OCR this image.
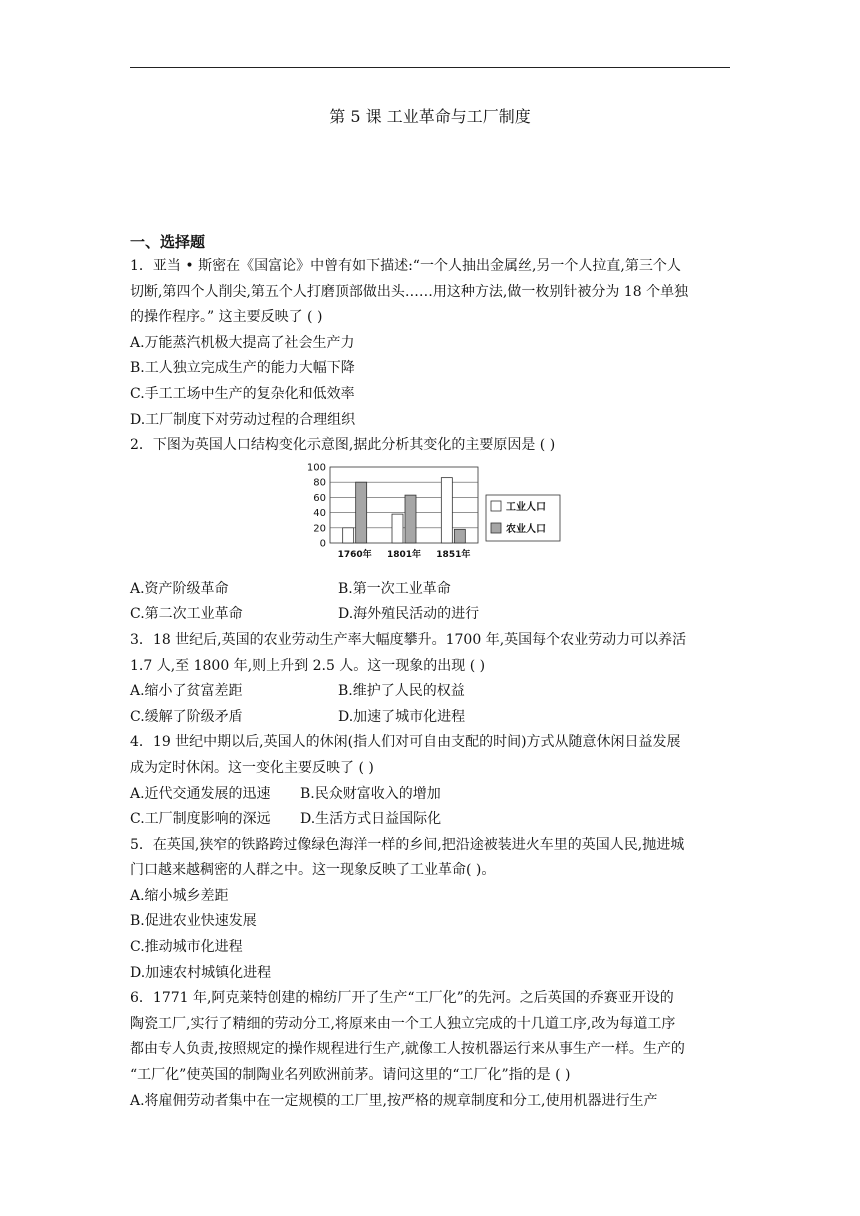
第 5 课 工业革命与工厂制度
一、选择题
1．亚当 • 斯密在《国富论》中曾有如下描述:“一个人抽出金属丝,另一个人拉直,第三个人
切断,第四个人削尖,第五个人打磨顶部做出头……用这种方法,做一枚别针被分为 18 个单独
的操作程序。” 这主要反映了 ( )
A.万能蒸汽机极大提高了社会生产力
B.工人独立完成生产的能力大幅下降
C.手工工场中生产的复杂化和低效率
D.工厂制度下对劳动过程的合理组织
2．下图为英国人口结构变化示意图,据此分析其变化的主要原因是 ( )
100
80
60
40
20
0
1760年 1801年 1851年
工业人口
农业人口
A.资产阶级革命	B.第一次工业革命
C.第二次工业革命	D.海外殖民活动的进行
3．18 世纪后,英国的农业劳动生产率大幅度攀升。1700 年,英国每个农业劳动力可以养活
1.7 人,至 1800 年,则上升到 2.5 人。这一现象的出现 ( )
A.缩小了贫富差距	B.维护了人民的权益
C.缓解了阶级矛盾	D.加速了城市化进程
4．19 世纪中期以后,英国人的休闲(指人们对可自由支配的时间)方式从随意休闲日益发展
成为定时休闲。这一变化主要反映了 ( )
A.近代交通发展的迅速	B.民众财富收入的增加
C.工厂制度影响的深远	D.生活方式日益国际化
5．在英国,狭窄的铁路跨过像绿色海洋一样的乡间,把沿途被装进火车里的英国人民,抛进城
门口越来越稠密的人群之中。这一现象反映了工业革命( )。
A.缩小城乡差距
B.促进农业快速发展
C.推动城市化进程
D.加速农村城镇化进程
6．1771 年,阿克莱特创建的棉纺厂开了生产“工厂化”的先河。之后英国的乔赛亚开设的
陶瓷工厂,实行了精细的劳动分工,将原来由一个工人独立完成的十几道工序,改为每道工序
都由专人负责,按照规定的操作规程进行生产,就像工人按机器运行来从事生产一样。生产的
“工厂化”使英国的制陶业名列欧洲前茅。请问这里的“工厂化”指的是 ( )
A.将雇佣劳动者集中在一定规模的工厂里,按严格的规章制度和分工,使用机器进行生产
